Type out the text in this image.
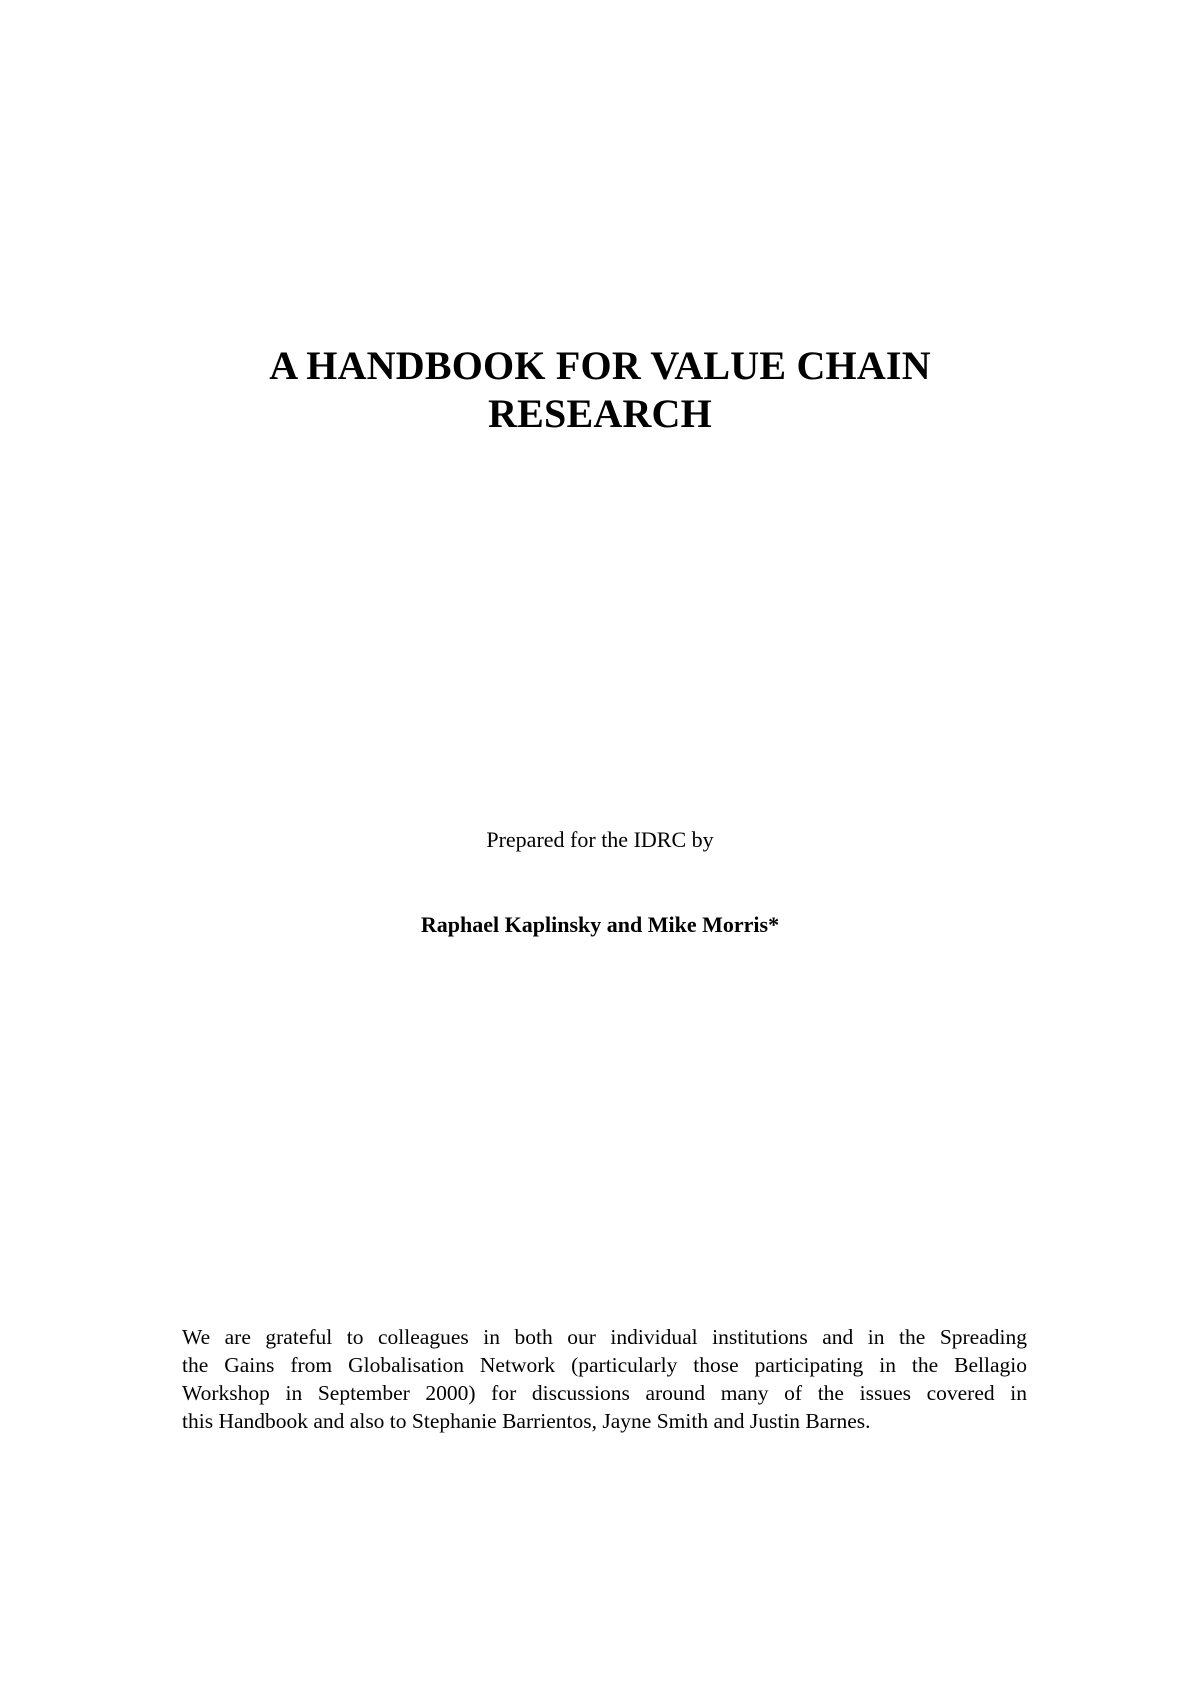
A HANDBOOK FOR VALUE CHAIN
RESEARCH
Prepared for the IDRC by
Raphael Kaplinsky and Mike Morris*
We are grateful to colleagues in both our individual institutions and in the Spreading
the Gains from Globalisation Network (particularly those participating in the Bellagio
Workshop in September 2000) for discussions around many of the issues covered in
this Handbook and also to Stephanie Barrientos, Jayne Smith and Justin Barnes.
